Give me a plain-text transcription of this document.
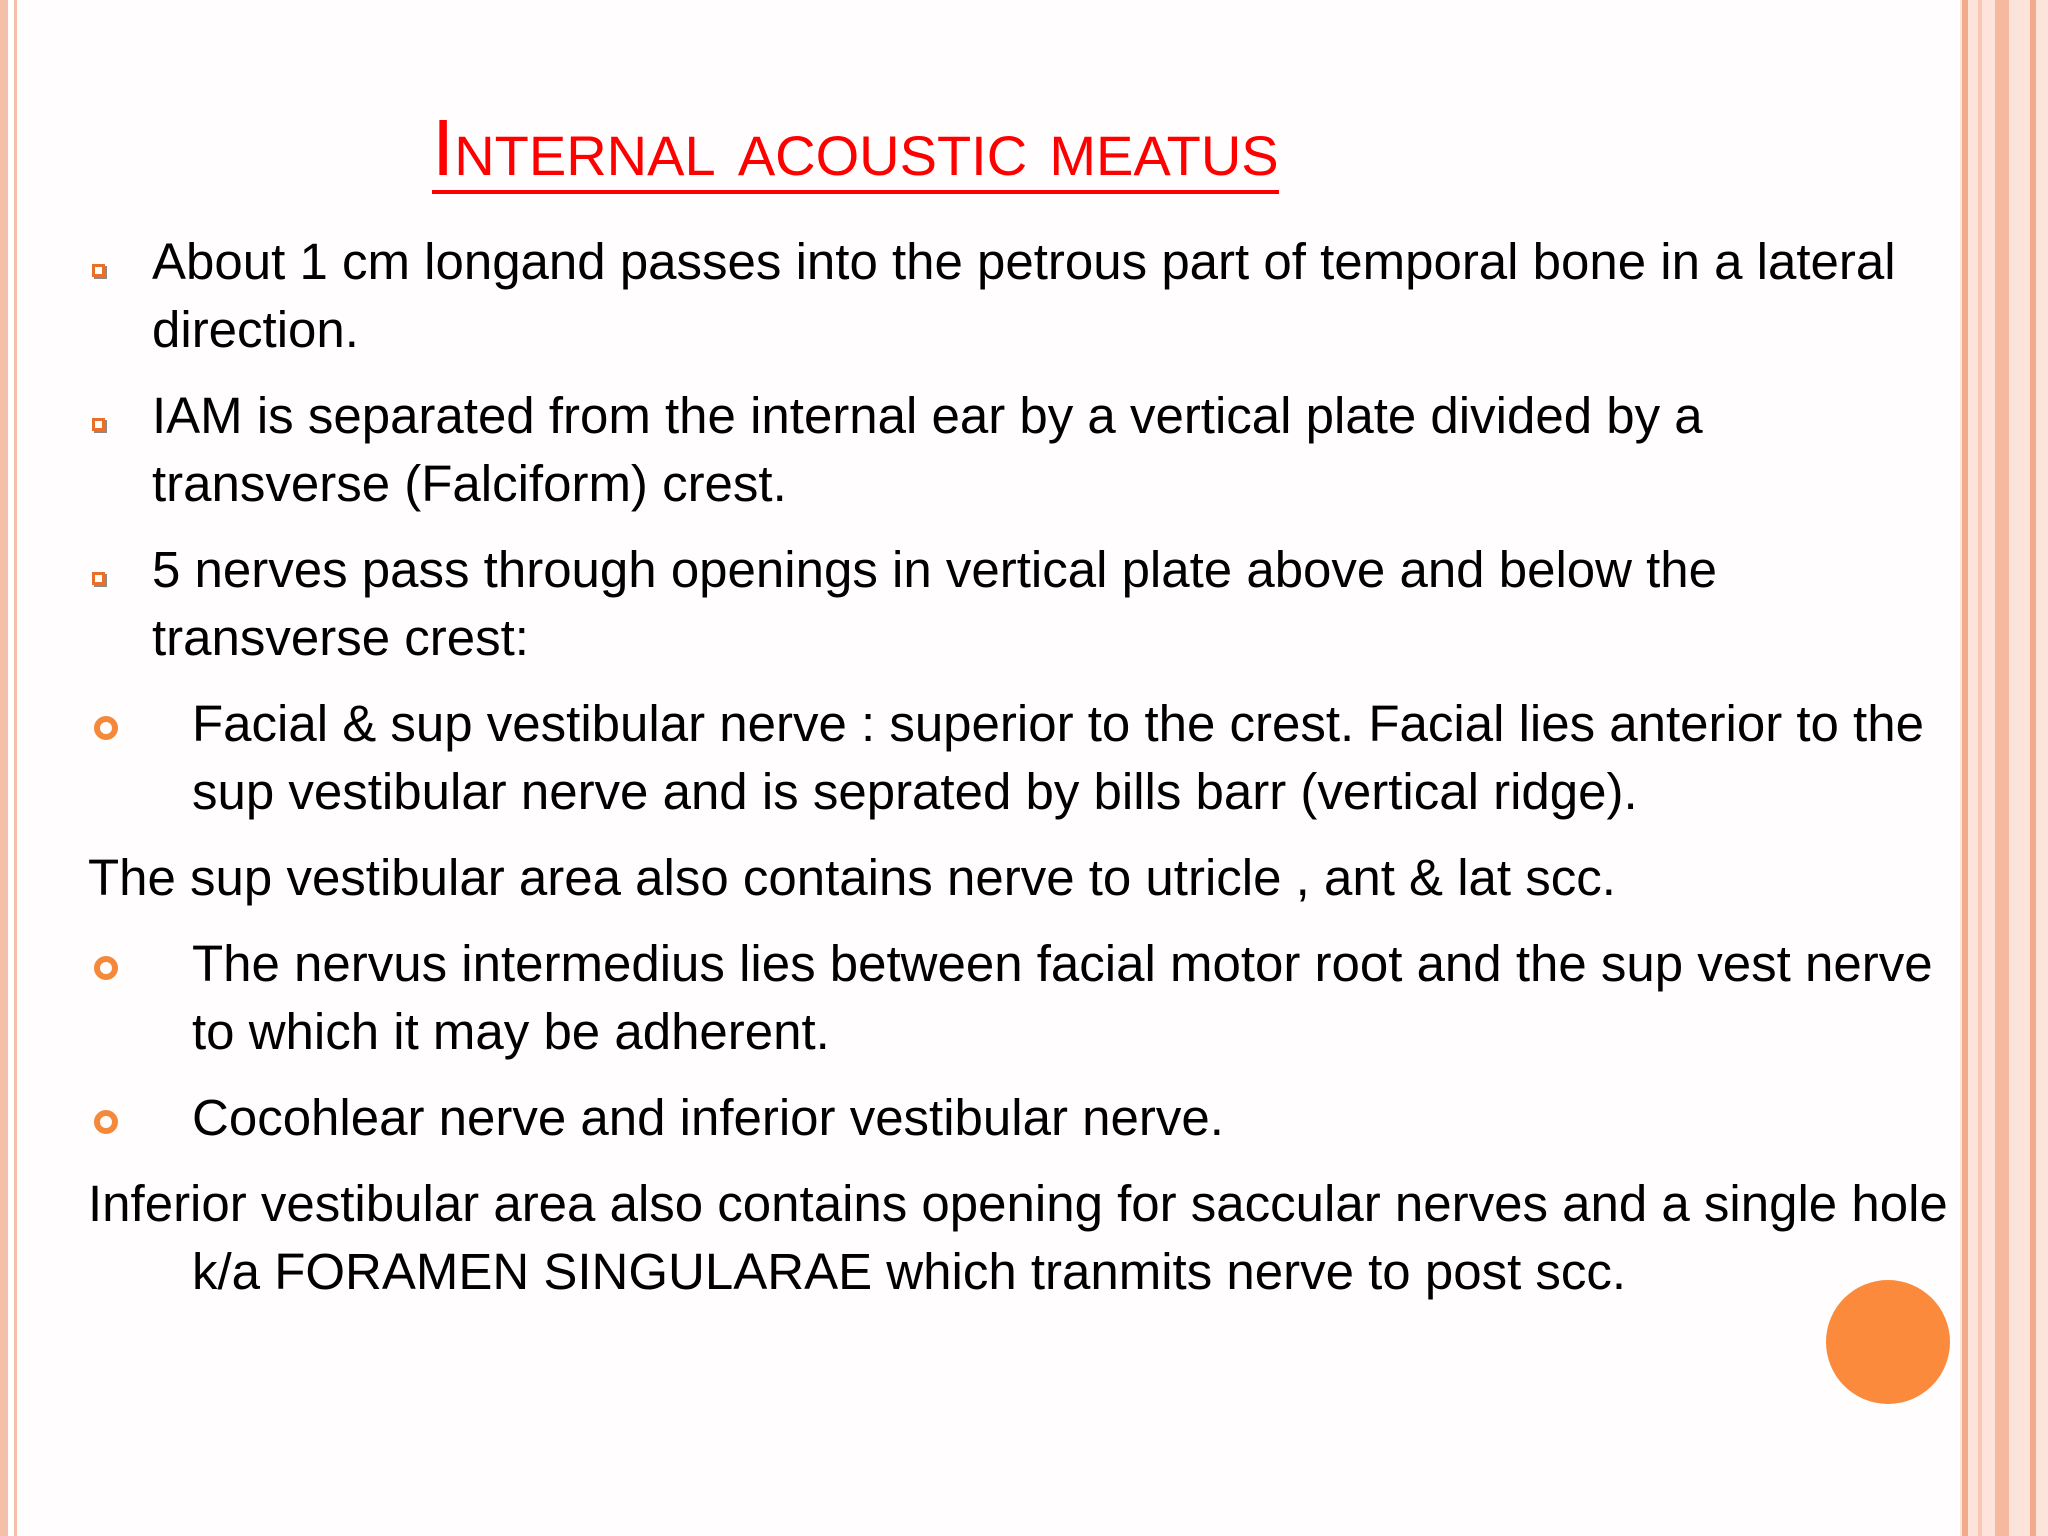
Internal acoustic meatus
About 1 cm longand passes into the petrous part of temporal bone in a lateral direction.
IAM is separated from the internal ear by a vertical plate divided by a transverse (Falciform) crest.
5 nerves pass through openings in vertical plate above and below the transverse crest:
Facial & sup vestibular nerve : superior to the crest. Facial lies anterior to the sup vestibular nerve and is seprated by bills barr (vertical ridge).
The sup vestibular area also contains nerve to utricle , ant & lat scc.
The nervus intermedius lies between facial motor root and the sup vest nerve to which it may be adherent.
Cocohlear nerve and inferior vestibular nerve.
Inferior vestibular area also contains opening for saccular nerves and a single hole k/a FORAMEN SINGULARAE which tranmits nerve to post scc.
